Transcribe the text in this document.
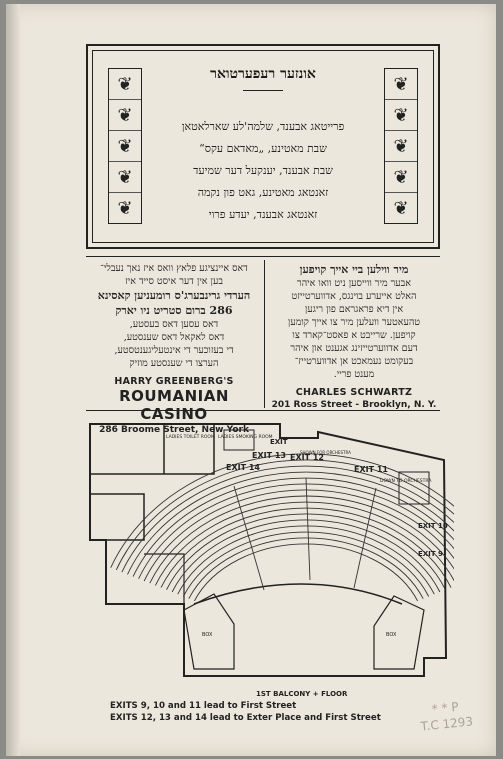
❦
❦
❦
❦
❦
❦
❦
❦
❦
❦
אונזער רעפערטואר
פרייטאג אבענד, שלמה'לע שארלאטאן
שבת מאטינע, „מאדאם עקס“
שבת אבענד, יענקעל דער שמיעד
זאנטאג מאטינע, גאט פון נקמה
זאנטאג אבענד, יעדע פרוי
דאס איינציגע פלאץ וואס איז נאך נעבלי־
בען אין דער איסט סייד איז
הערדי גרינבערג'ס רומעניען קאסינא
286 ברום סטריט ניו יארק
דאס עסען דאס בעסטע,
דאס לאקאל דאס שענסטע,
די בעזוכער די אינטעליגענטסטע,
הערצו די שענסטע מוזיק
HARRY GREENBERG'S
ROUMANIAN CASINO
286 Broome Street, New York
מיר ווילען ביי אייך קויפען
אבער מיר ווייסען ניט וואו איהר
האלט אייערע בוינגס, אדווערטייזט
אין דיא פראגראם פון ריגען
טהעאטער וועלען מיר צו אייך קומען
קויפען. שרייבט א פאסט־קארד צו
דעם אדווערטייזינג אגענט און איהר
בעקומט נעמאכט אן אדווערטייז־
מענט פריי.
CHARLES SCHWARTZ
201 Ross Street - Brooklyn, N. Y.
LADIES TOILET ROOM LADIES SMOKING ROOM
EXIT
EXIT 13 EXIT 12
EXIT 11
EXIT 10
EXIT 9
EXIT 14
DOWN TO ORCHESTRA
SHOWN FOR ORCHESTRA
1ST BALCONY + FLOOR
BOX	BOX
EXITS 9, 10 and 11 lead to First Street
EXITS 12, 13 and 14 lead to Exter Place and First Street
* * P
T.C 1293
